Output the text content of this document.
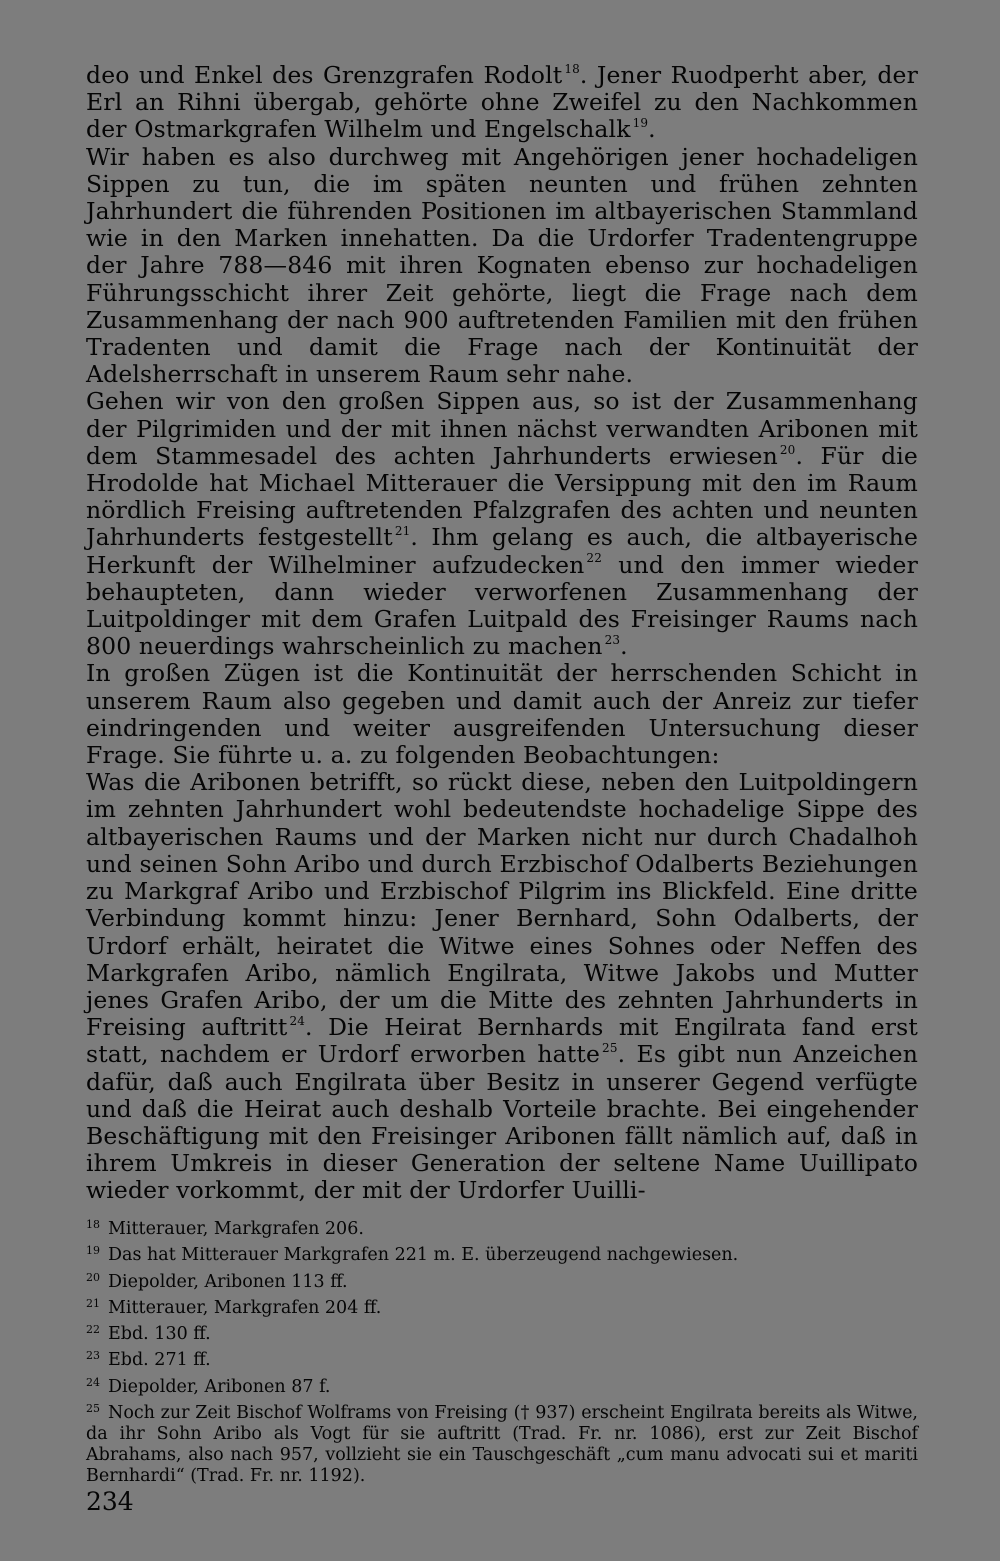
deo und Enkel des Grenzgrafen Rodolt $^{18}$. Jener Ruodperht aber, der Erl an Rihni übergab, gehörte ohne Zweifel zu den Nachkommen der Ostmarkgrafen Wilhelm und Engelschalk $^{19}$.

Wir haben es also durchweg mit Angehörigen jener hochadeligen Sippen zu tun, die im späten neunten und frühen zehnten Jahrhundert die führenden Positionen im altbayerischen Stammland wie in den Marken innehatten. Da die Urdorfer Tradentengruppe der Jahre 788—846 mit ihren Kognaten ebenso zur hochadeligen Führungsschicht ihrer Zeit gehörte, liegt die Frage nach dem Zusammenhang der nach 900 auftretenden Familien mit den frühen Tradenten und damit die Frage nach der Kontinuität der Adelsherrschaft in unserem Raum sehr nahe.

Gehen wir von den großen Sippen aus, so ist der Zusammenhang der Pilgrimiden und der mit ihnen nächst verwandten Aribonen mit dem Stammesadel des achten Jahrhunderts erwiesen $^{20}$. Für die Hrodolde hat Michael Mitterauer die Versippung mit den im Raum nördlich Freising auftretenden Pfalzgrafen des achten und neunten Jahrhunderts festgestellt $^{21}$. Ihm gelang es auch, die altbayerische Herkunft der Wilhelminer aufzudecken $^{22}$ und den immer wieder behaupteten, dann wieder verworfenen Zusammenhang der Luitpoldinger mit dem Grafen Luitpald des Freisinger Raums nach 800 neuerdings wahrscheinlich zu machen $^{23}$.

In großen Zügen ist die Kontinuität der herrschenden Schicht in unserem Raum also gegeben und damit auch der Anreiz zur tiefer eindringenden und weiter ausgreifenden Untersuchung dieser Frage. Sie führte u. a. zu folgenden Beobachtungen:

Was die Aribonen betrifft, so rückt diese, neben den Luitpoldingern im zehnten Jahrhundert wohl bedeutendste hochadelige Sippe des altbayerischen Raums und der Marken nicht nur durch Chadalhoh und seinen Sohn Aribo und durch Erzbischof Odalberts Beziehungen zu Markgraf Aribo und Erzbischof Pilgrim ins Blickfeld. Eine dritte Verbindung kommt hinzu: Jener Bernhard, Sohn Odalberts, der Urdorf erhält, heiratet die Witwe eines Sohnes oder Neffen des Markgrafen Aribo, nämlich Engilrata, Witwe Jakobs und Mutter jenes Grafen Aribo, der um die Mitte des zehnten Jahrhunderts in Freising auftritt $^{24}$. Die Heirat Bernhards mit Engilrata fand erst statt, nachdem er Urdorf erworben hatte $^{25}$. Es gibt nun Anzeichen dafür, daß auch Engilrata über Besitz in unserer Gegend verfügte und daß die Heirat auch deshalb Vorteile brachte. Bei eingehender Beschäftigung mit den Freisinger Aribonen fällt nämlich auf, daß in ihrem Umkreis in dieser Generation der seltene Name Uuillipato wieder vorkommt, der mit der Urdorfer Uuilli-

18 Mitterauer, Markgrafen 206.

19 Das hat Mitterauer Markgrafen 221 m. E. überzeugend nachgewiesen.

20 Diepolder, Aribonen 113 ff.

21 Mitterauer, Markgrafen 204 ff.

22 Ebd. 130 ff.

23 Ebd. 271 ff.

24 Diepolder, Aribonen 87 f.

25 Noch zur Zeit Bischof Wolframs von Freising († 937) erscheint Engilrata bereits als Witwe, da ihr Sohn Aribo als Vogt für sie auftritt (Trad. Fr. nr. 1086), erst zur Zeit Bischof Abrahams, also nach 957, vollzieht sie ein Tauschgeschäft „cum manu advocati sui et mariti Bernhardi“ (Trad. Fr. nr. 1192).

234
